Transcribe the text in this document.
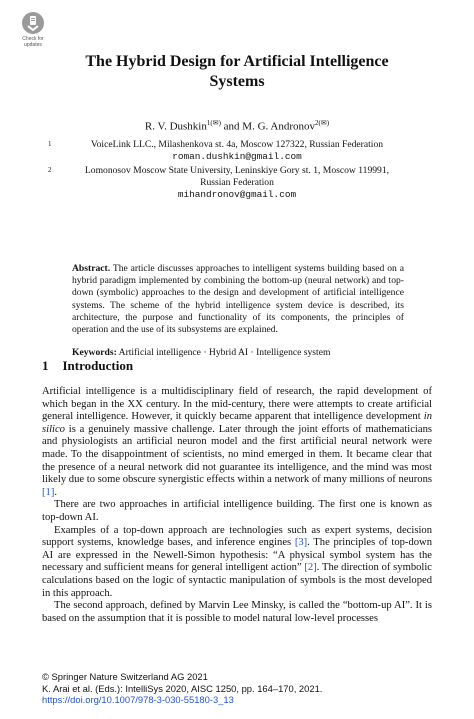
Check for
updates
The Hybrid Design for Artificial Intelligence Systems
R. V. Dushkin$^{1(✉)}$ and M. G. Andronov$^{2(✉)}$
1	VoiceLink LLC., Milashenkova st. 4a, Moscow 127322, Russian Federation
roman.dushkin@gmail.com
2	Lomonosov Moscow State University, Leninskiye Gory st. 1, Moscow 119991,
Russian Federation
mihandronov@gmail.com
Abstract. The article discusses approaches to intelligent systems building based on a hybrid paradigm implemented by combining the bottom-up (neural network) and top-down (symbolic) approaches to the design and development of artificial intelligence systems. The scheme of the hybrid intelligence system device is described, its architecture, the purpose and functionality of its components, the principles of operation and the use of its subsystems are explained.
Keywords: Artificial intelligence · Hybrid AI · Intelligence system
1 Introduction

Artificial intelligence is a multidisciplinary field of research, the rapid development of which began in the XX century. In the mid-century, there were attempts to create artificial general intelligence. However, it quickly became apparent that intelligence development in silico is a genuinely massive challenge. Later through the joint efforts of mathematicians and physiologists an artificial neuron model and the first artificial neural network were made. To the disappointment of scientists, no mind emerged in them. It became clear that the presence of a neural network did not guarantee its intelligence, and the mind was most likely due to some obscure synergistic effects within a network of many millions of neurons [1].

There are two approaches in artificial intelligence building. The first one is known as top-down AI.

Examples of a top-down approach are technologies such as expert systems, decision support systems, knowledge bases, and inference engines [3]. The principles of top-down AI are expressed in the Newell-Simon hypothesis: “A physical symbol system has the necessary and sufficient means for general intelligent action” [2]. The direction of symbolic calculations based on the logic of syntactic manipulation of symbols is the most developed in this approach.

The second approach, defined by Marvin Lee Minsky, is called the “bottom-up AI”. It is based on the assumption that it is possible to model natural low-level processes

© Springer Nature Switzerland AG 2021
K. Arai et al. (Eds.): IntelliSys 2020, AISC 1250, pp. 164–170, 2021.
https://doi.org/10.1007/978-3-030-55180-3_13
